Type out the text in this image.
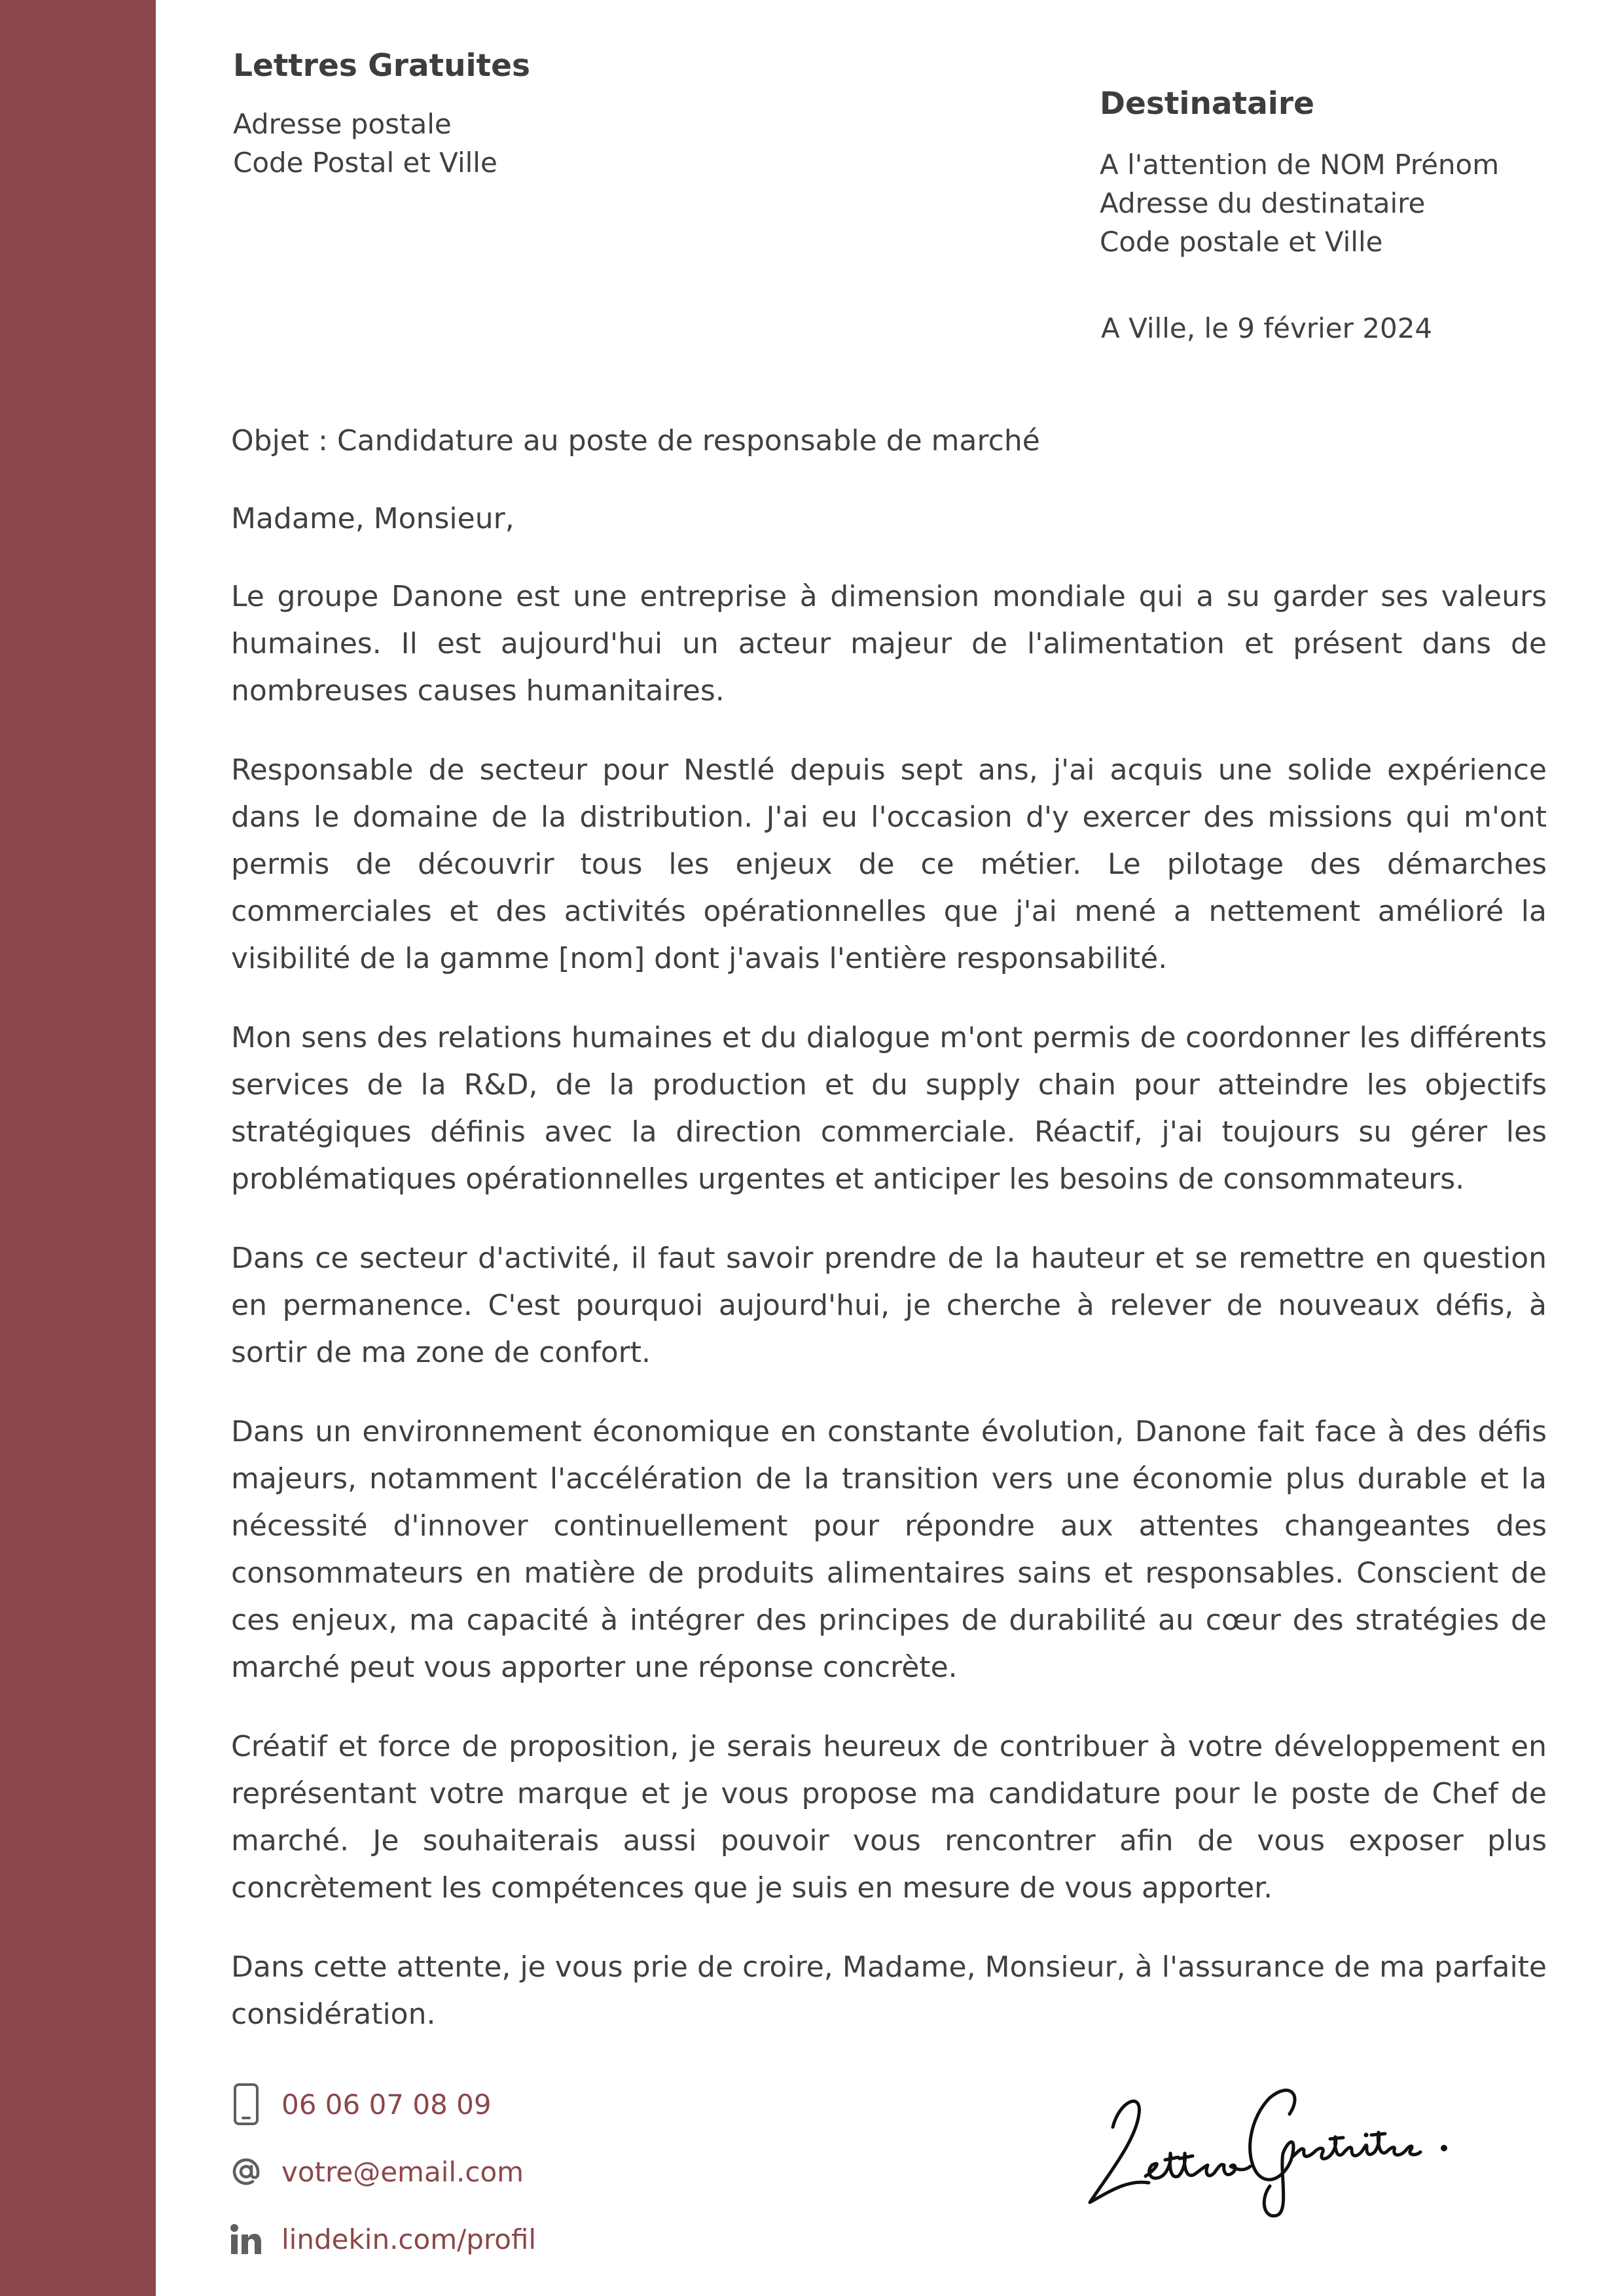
Lettres Gratuites
Adresse postale
Code Postal et Ville
Destinataire
A l'attention de NOM Prénom
Adresse du destinataire
Code postale et Ville
A Ville, le 9 février 2024

Objet : Candidature au poste de responsable de marché

Madame, Monsieur,

Le groupe Danone est une entreprise à dimension mondiale qui a su garder ses valeurs humaines. Il est aujourd'hui un acteur majeur de l'alimentation et présent dans de nombreuses causes humanitaires.

Responsable de secteur pour Nestlé depuis sept ans, j'ai acquis une solide expérience dans le domaine de la distribution. J'ai eu l'occasion d'y exercer des missions qui m'ont permis de découvrir tous les enjeux de ce métier. Le pilotage des démarches commerciales et des activités opérationnelles que j'ai mené a nettement amélioré la visibilité de la gamme [nom] dont j'avais l'entière responsabilité.

Mon sens des relations humaines et du dialogue m'ont permis de coordonner les différents services de la R&D, de la production et du supply chain pour atteindre les objectifs stratégiques définis avec la direction commerciale. Réactif, j'ai toujours su gérer les problématiques opérationnelles urgentes et anticiper les besoins de consommateurs.

Dans ce secteur d'activité, il faut savoir prendre de la hauteur et se remettre en question en permanence. C'est pourquoi aujourd'hui, je cherche à relever de nouveaux défis, à sortir de ma zone de confort.

Dans un environnement économique en constante évolution, Danone fait face à des défis majeurs, notamment l'accélération de la transition vers une économie plus durable et la nécessité d'innover continuellement pour répondre aux attentes changeantes des consommateurs en matière de produits alimentaires sains et responsables. Conscient de ces enjeux, ma capacité à intégrer des principes de durabilité au cœur des stratégies de marché peut vous apporter une réponse concrète.

Créatif et force de proposition, je serais heureux de contribuer à votre développement en représentant votre marque et je vous propose ma candidature pour le poste de Chef de marché. Je souhaiterais aussi pouvoir vous rencontrer afin de vous exposer plus concrètement les compétences que je suis en mesure de vous apporter.

Dans cette attente, je vous prie de croire, Madame, Monsieur, à l'assurance de ma parfaite considération.

06 06 07 08 09
votre@email.com
lindekin.com/profil
